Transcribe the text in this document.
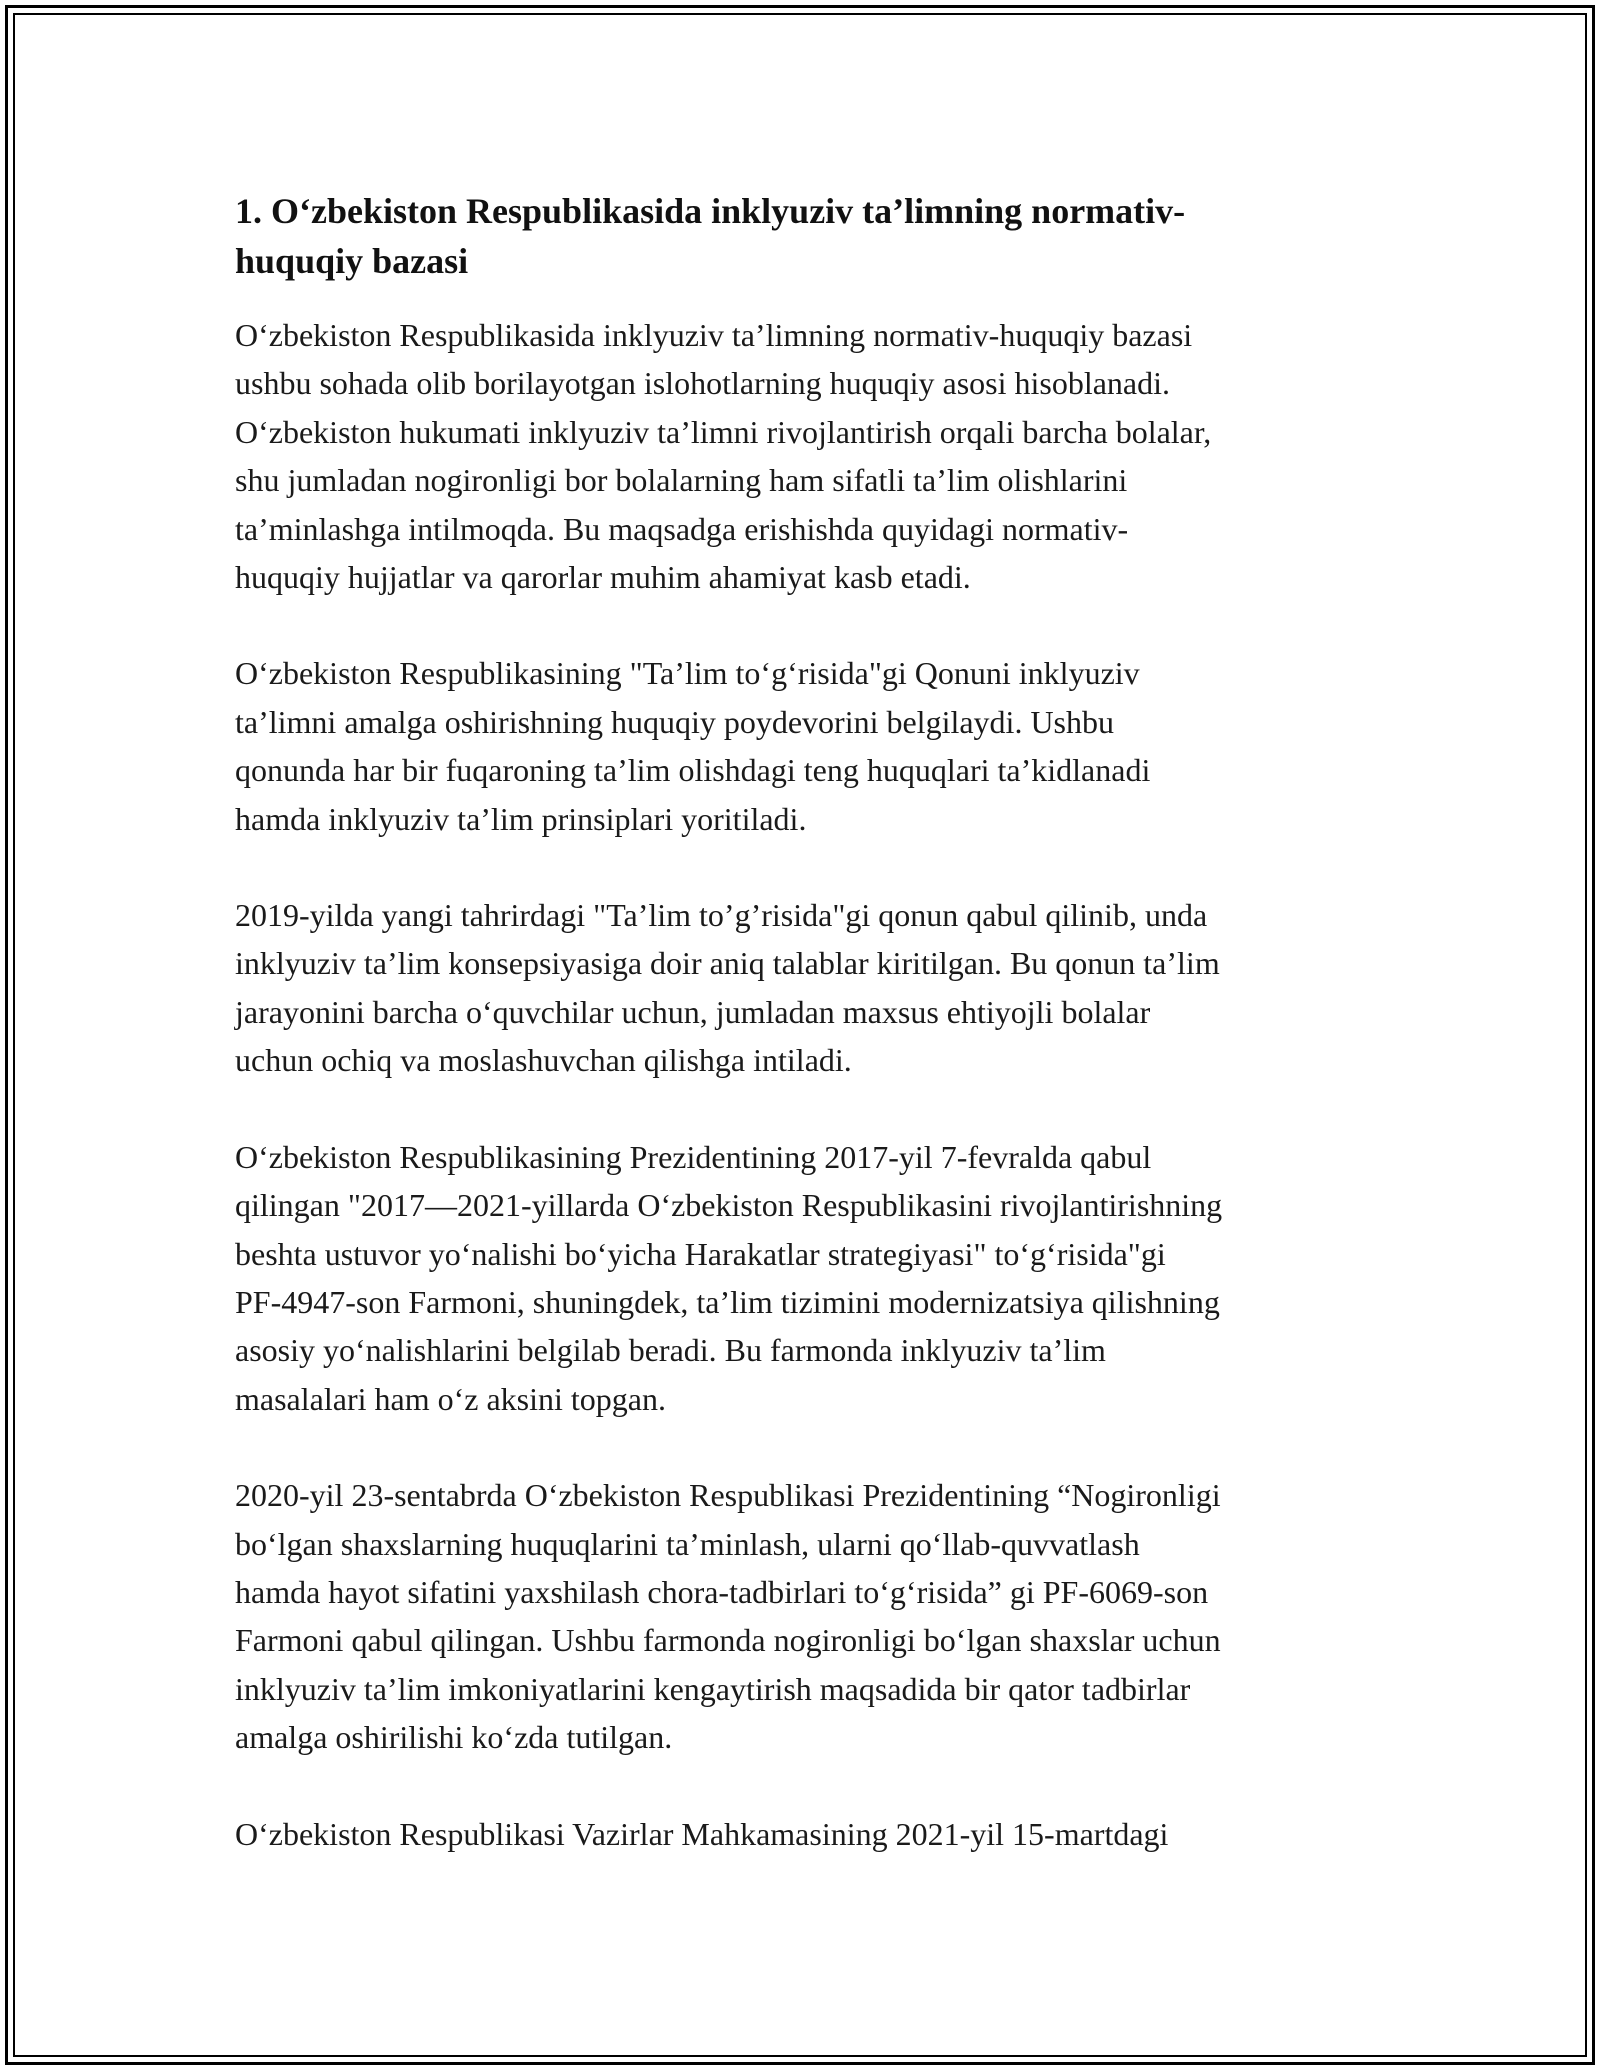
1. O‘zbekiston Respublikasida inklyuziv ta’limning normativ-
huquqiy bazasi
O‘zbekiston Respublikasida inklyuziv ta’limning normativ-huquqiy bazasi
ushbu sohada olib borilayotgan islohotlarning huquqiy asosi hisoblanadi.
O‘zbekiston hukumati inklyuziv ta’limni rivojlantirish orqali barcha bolalar,
shu jumladan nogironligi bor bolalarning ham sifatli ta’lim olishlarini
ta’minlashga intilmoqda. Bu maqsadga erishishda quyidagi normativ-
huquqiy hujjatlar va qarorlar muhim ahamiyat kasb etadi.
O‘zbekiston Respublikasining "Ta’lim to‘g‘risida"gi Qonuni inklyuziv
ta’limni amalga oshirishning huquqiy poydevorini belgilaydi. Ushbu
qonunda har bir fuqaroning ta’lim olishdagi teng huquqlari ta’kidlanadi
hamda inklyuziv ta’lim prinsiplari yoritiladi.
2019-yilda yangi tahrirdagi "Ta’lim to’g’risida"gi qonun qabul qilinib, unda
inklyuziv ta’lim konsepsiyasiga doir aniq talablar kiritilgan. Bu qonun ta’lim
jarayonini barcha o‘quvchilar uchun, jumladan maxsus ehtiyojli bolalar
uchun ochiq va moslashuvchan qilishga intiladi.
O‘zbekiston Respublikasining Prezidentining 2017-yil 7-fevralda qabul
qilingan "2017—2021-yillarda O‘zbekiston Respublikasini rivojlantirishning
beshta ustuvor yo‘nalishi bo‘yicha Harakatlar strategiyasi" to‘g‘risida"gi
PF-4947-son Farmoni, shuningdek, ta’lim tizimini modernizatsiya qilishning
asosiy yo‘nalishlarini belgilab beradi. Bu farmonda inklyuziv ta’lim
masalalari ham o‘z aksini topgan.
2020-yil 23-sentabrda O‘zbekiston Respublikasi Prezidentining “Nogironligi
bo‘lgan shaxslarning huquqlarini ta’minlash, ularni qo‘llab-quvvatlash
hamda hayot sifatini yaxshilash chora-tadbirlari to‘g‘risida” gi PF-6069-son
Farmoni qabul qilingan. Ushbu farmonda nogironligi bo‘lgan shaxslar uchun
inklyuziv ta’lim imkoniyatlarini kengaytirish maqsadida bir qator tadbirlar
amalga oshirilishi ko‘zda tutilgan.
O‘zbekiston Respublikasi Vazirlar Mahkamasining 2021-yil 15-martdagi
